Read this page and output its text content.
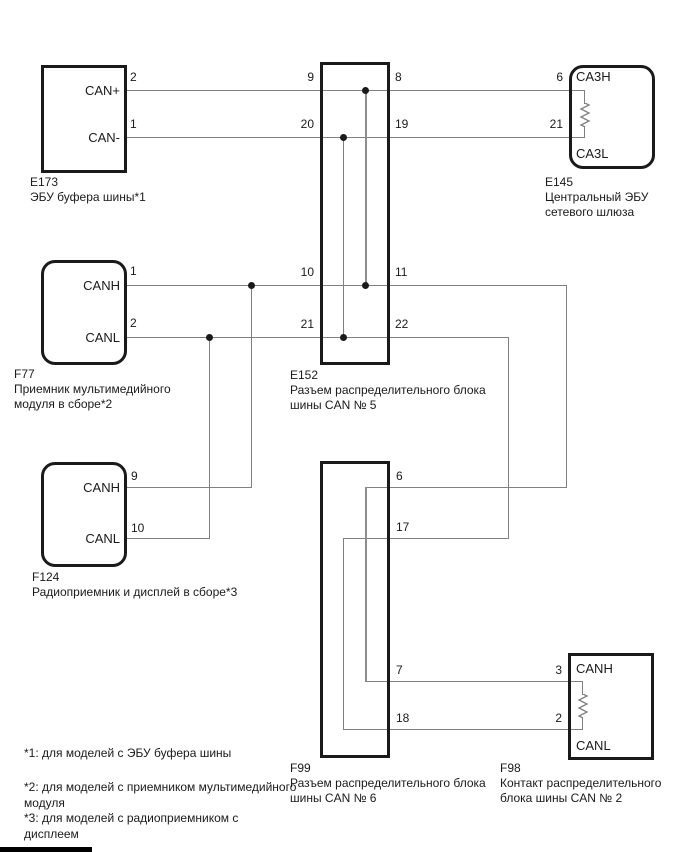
CAN+
CAN-
CANH
CANL
CANH
CANL
CA3H
CA3L
CANH
CANL
2
1
1
2
9
10
9
20
10
21
8
19
11
22
6
21
6
17
7
18
3
2
E173
ЭБУ буфера шины*1
F77
Приемник мультимедийного модуля в сборе*2
F124
Радиоприемник и дисплей в сборе*3
E145
Центральный ЭБУ сетевого шлюза
E152
Разъем распределительного блока шины CAN № 5
F99
Разъем распределительного блока шины CAN № 6
F98
Контакт распределительного блока шины CAN № 2
*1: для моделей с ЭБУ буфера шины
*2: для моделей с приемником мультимедийного модуля
*3: для моделей с радиоприемником с дисплеем
